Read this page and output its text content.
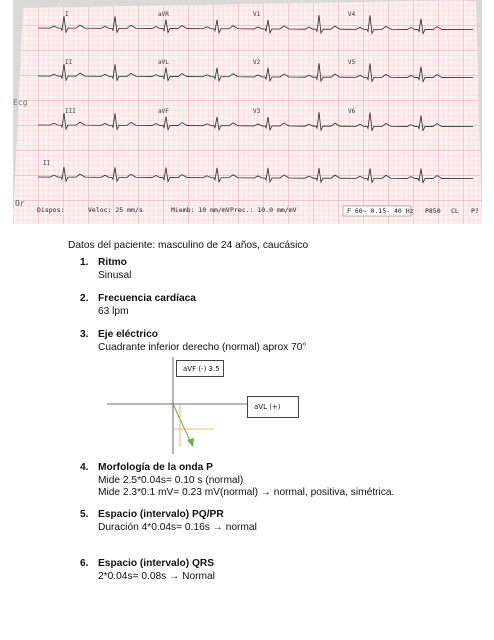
I	aVR	V1	V4
II	aVL	V2	V5
III	aVF	V3	V6
II
Ecg
Or
Dispos:	Veloc: 25 mm/s	Miemb: 10 mm/mV Prec.: 10.0 mm/mV	F 60~ 0.15- 40 Hz P850 CL P?
Datos del paciente: masculino de 24 años, caucásico
1. Ritmo
Sinusal
2. Frecuencia cardíaca
63 lpm
3. Eje eléctrico
Cuadrante inferior derecho (normal) aprox 70°
aVF (-) 3.5
aVL (+)
4. Morfología de la onda P
Mide 2.5*0.04s= 0.10 s (normal)
Mide 2.3*0.1 mV= 0.23 mV(normal) → normal, positiva, simétrica.
5. Espacio (intervalo) PQ/PR
Duración 4*0.04s= 0.16s → normal
6. Espacio (intervalo) QRS
2*0.04s= 0.08s → Normal
